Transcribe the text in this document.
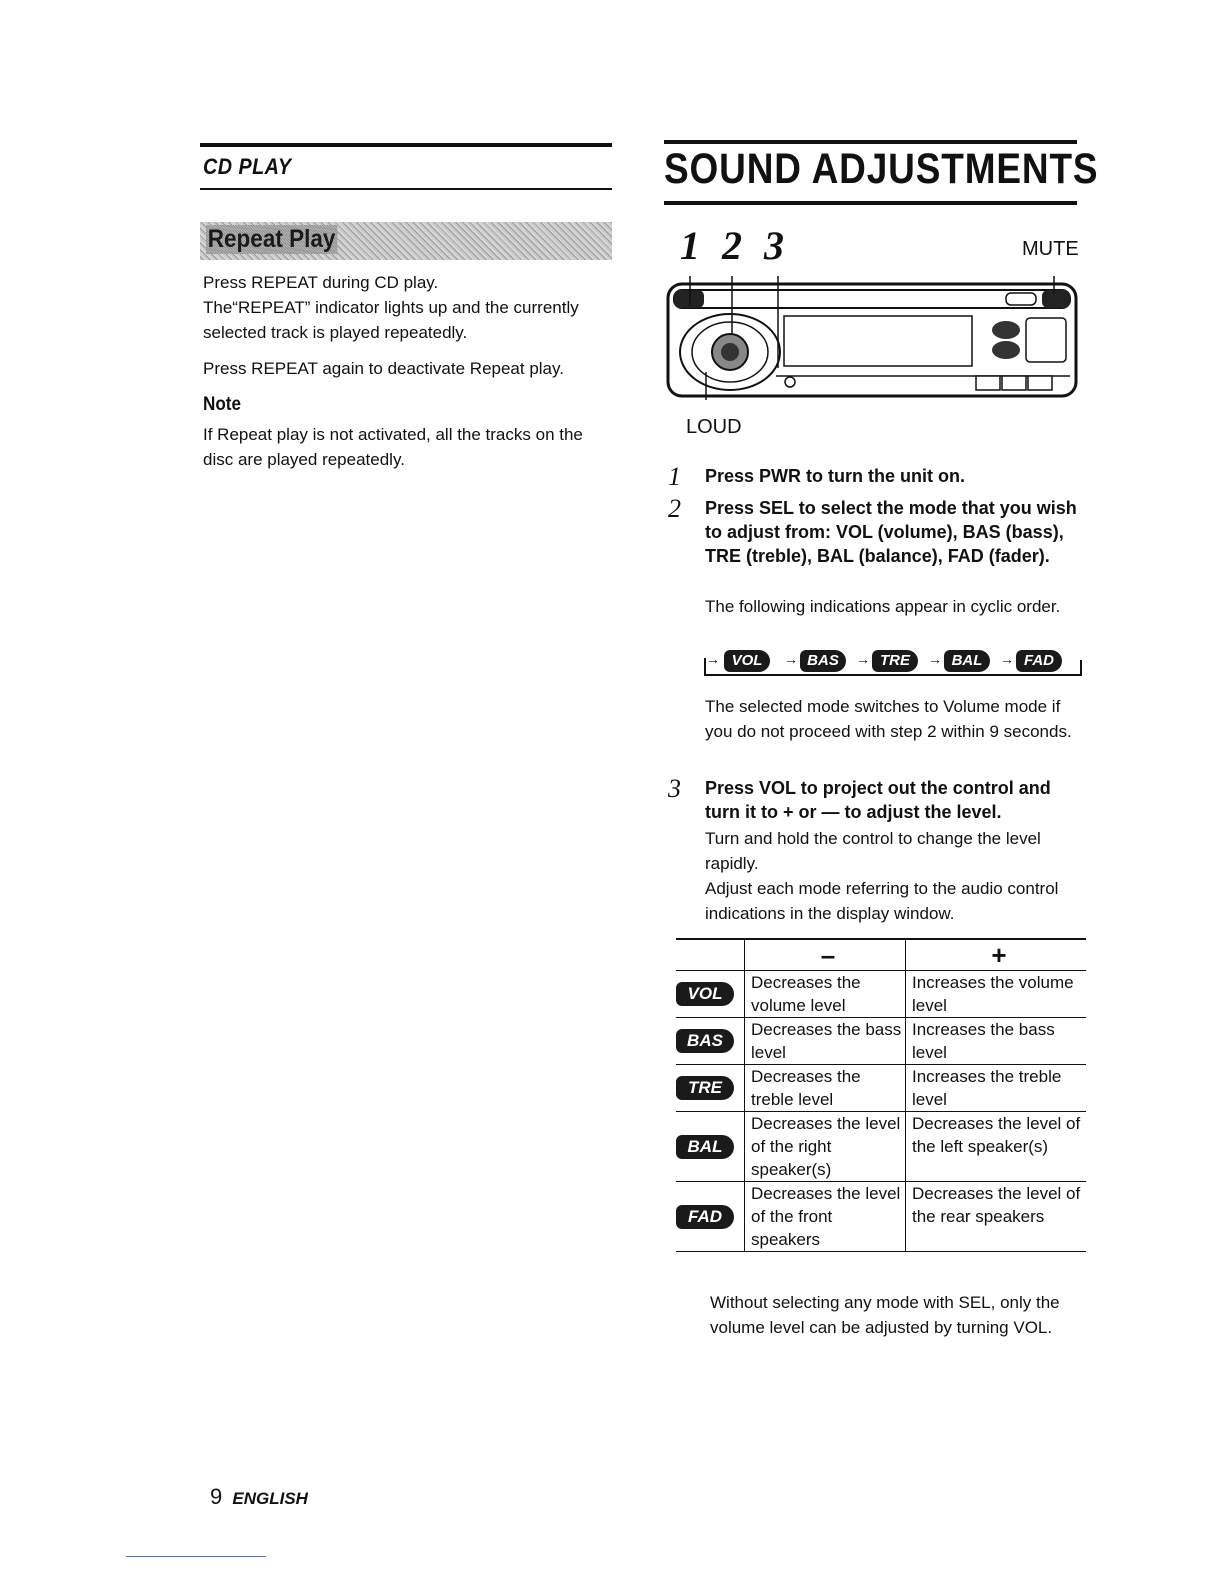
CD PLAY
Repeat Play
Press REPEAT during CD play.
The“REPEAT” indicator lights up and the currently selected track is played repeatedly.
Press REPEAT again to deactivate Repeat play.
Note
If Repeat play is not activated, all the tracks on the disc are played repeatedly.
SOUND ADJUSTMENTS
1 2 3	MUTE
LOUD
1 Press PWR to turn the unit on.
2 Press SEL to select the mode that you wish to adjust from: VOL (volume), BAS (bass), TRE (treble), BAL (balance), FAD (fader).
The following indications appear in cyclic order.
→ VOL	→ BAS	→ TRE	→ BAL	→ FAD
The selected mode switches to Volume mode if you do not proceed with step 2 within 9 seconds.
3 Press VOL to project out the control and turn it to + or — to adjust the level.
Turn and hold the control to change the level rapidly.
Adjust each mode referring to the audio control indications in the display window.
	–	+
VOL	Decreases the volume level	Increases the volume level
BAS	Decreases the bass level	Increases the bass level
TRE	Decreases the treble level	Increases the treble level
BAL	Decreases the level of the right speaker(s)	Decreases the level of the left speaker(s)
FAD	Decreases the level of the front speakers	Decreases the level of the rear speakers
Without selecting any mode with SEL, only the volume level can be adjusted by turning VOL.
9 ENGLISH
